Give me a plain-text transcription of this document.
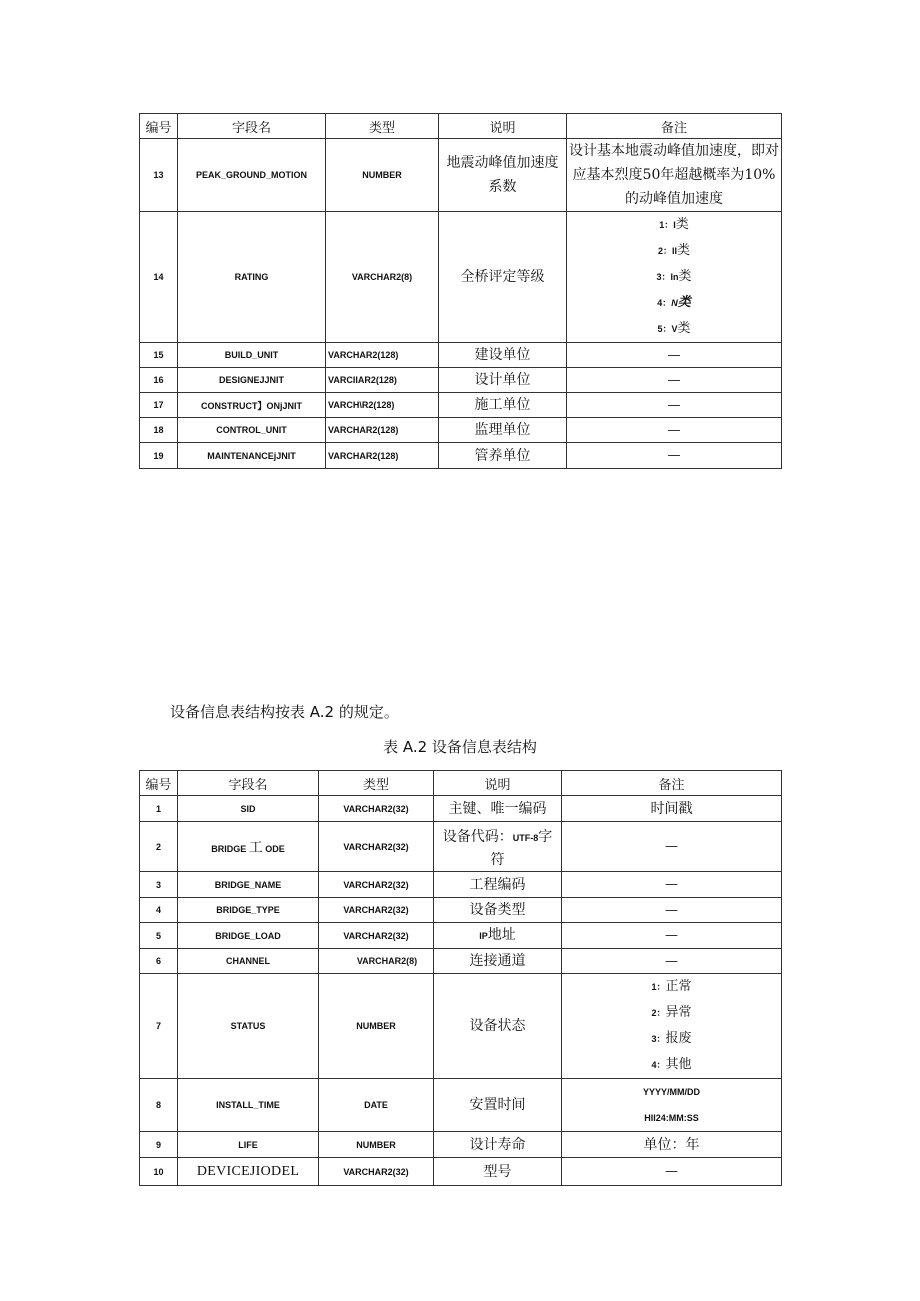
编号	字段名	类型	说明	备注
13	PEAK_GROUND_MOTION	NUMBER	地震动峰值加速度系数	设计基本地震动峰值加速度，即对应基本烈度50年超越概率为10%的动峰值加速度
14	RATING	VARCHAR2(8)	全桥评定等级	1：I类
2：II类
3：In类
4：N类
5：V类

15	BUILD_UNIT	VARCHAR2(128)	建设单位	—
16	DESIGNEJJNIT	VARCIIAR2(128)	设计单位	—
17	CONSTRUCT】ONjJNIT	VARCH\R2(128)	施工单位	—
18	CONTROL_UNIT	VARCHAR2(128)	监理单位	—
19	MAINTENANCEjJNIT	VARCHAR2(128)	管养单位	—
设备信息表结构按表 A.2 的规定。
表 A.2 设备信息表结构
编号	字段名	类型	说明	备注
1	SID	VARCHAR2(32)	主键、唯一编码	时间戳
2	BRIDGE 工 ODE	VARCHAR2(32)	设备代码：UTF-8字符	—
3	BRIDGE_NAME	VARCHAR2(32)	工程编码	—
4	BRIDGE_TYPE	VARCHAR2(32)	设备类型	—
5	BRIDGE_LOAD	VARCHAR2(32)	IP地址	—
6	CHANNEL	VARCHAR2(8)	连接通道	—
7	STATUS	NUMBER	设备状态	1：正常
2：异常
3：报废
4：其他

8	INSTALL_TIME	DATE	安置时间	YYYY/MM/DD
HII24:MM:SS

9	LIFE	NUMBER	设计寿命	单位：年
10	DEVICEJIODEL	VARCHAR2(32)	型号	—
